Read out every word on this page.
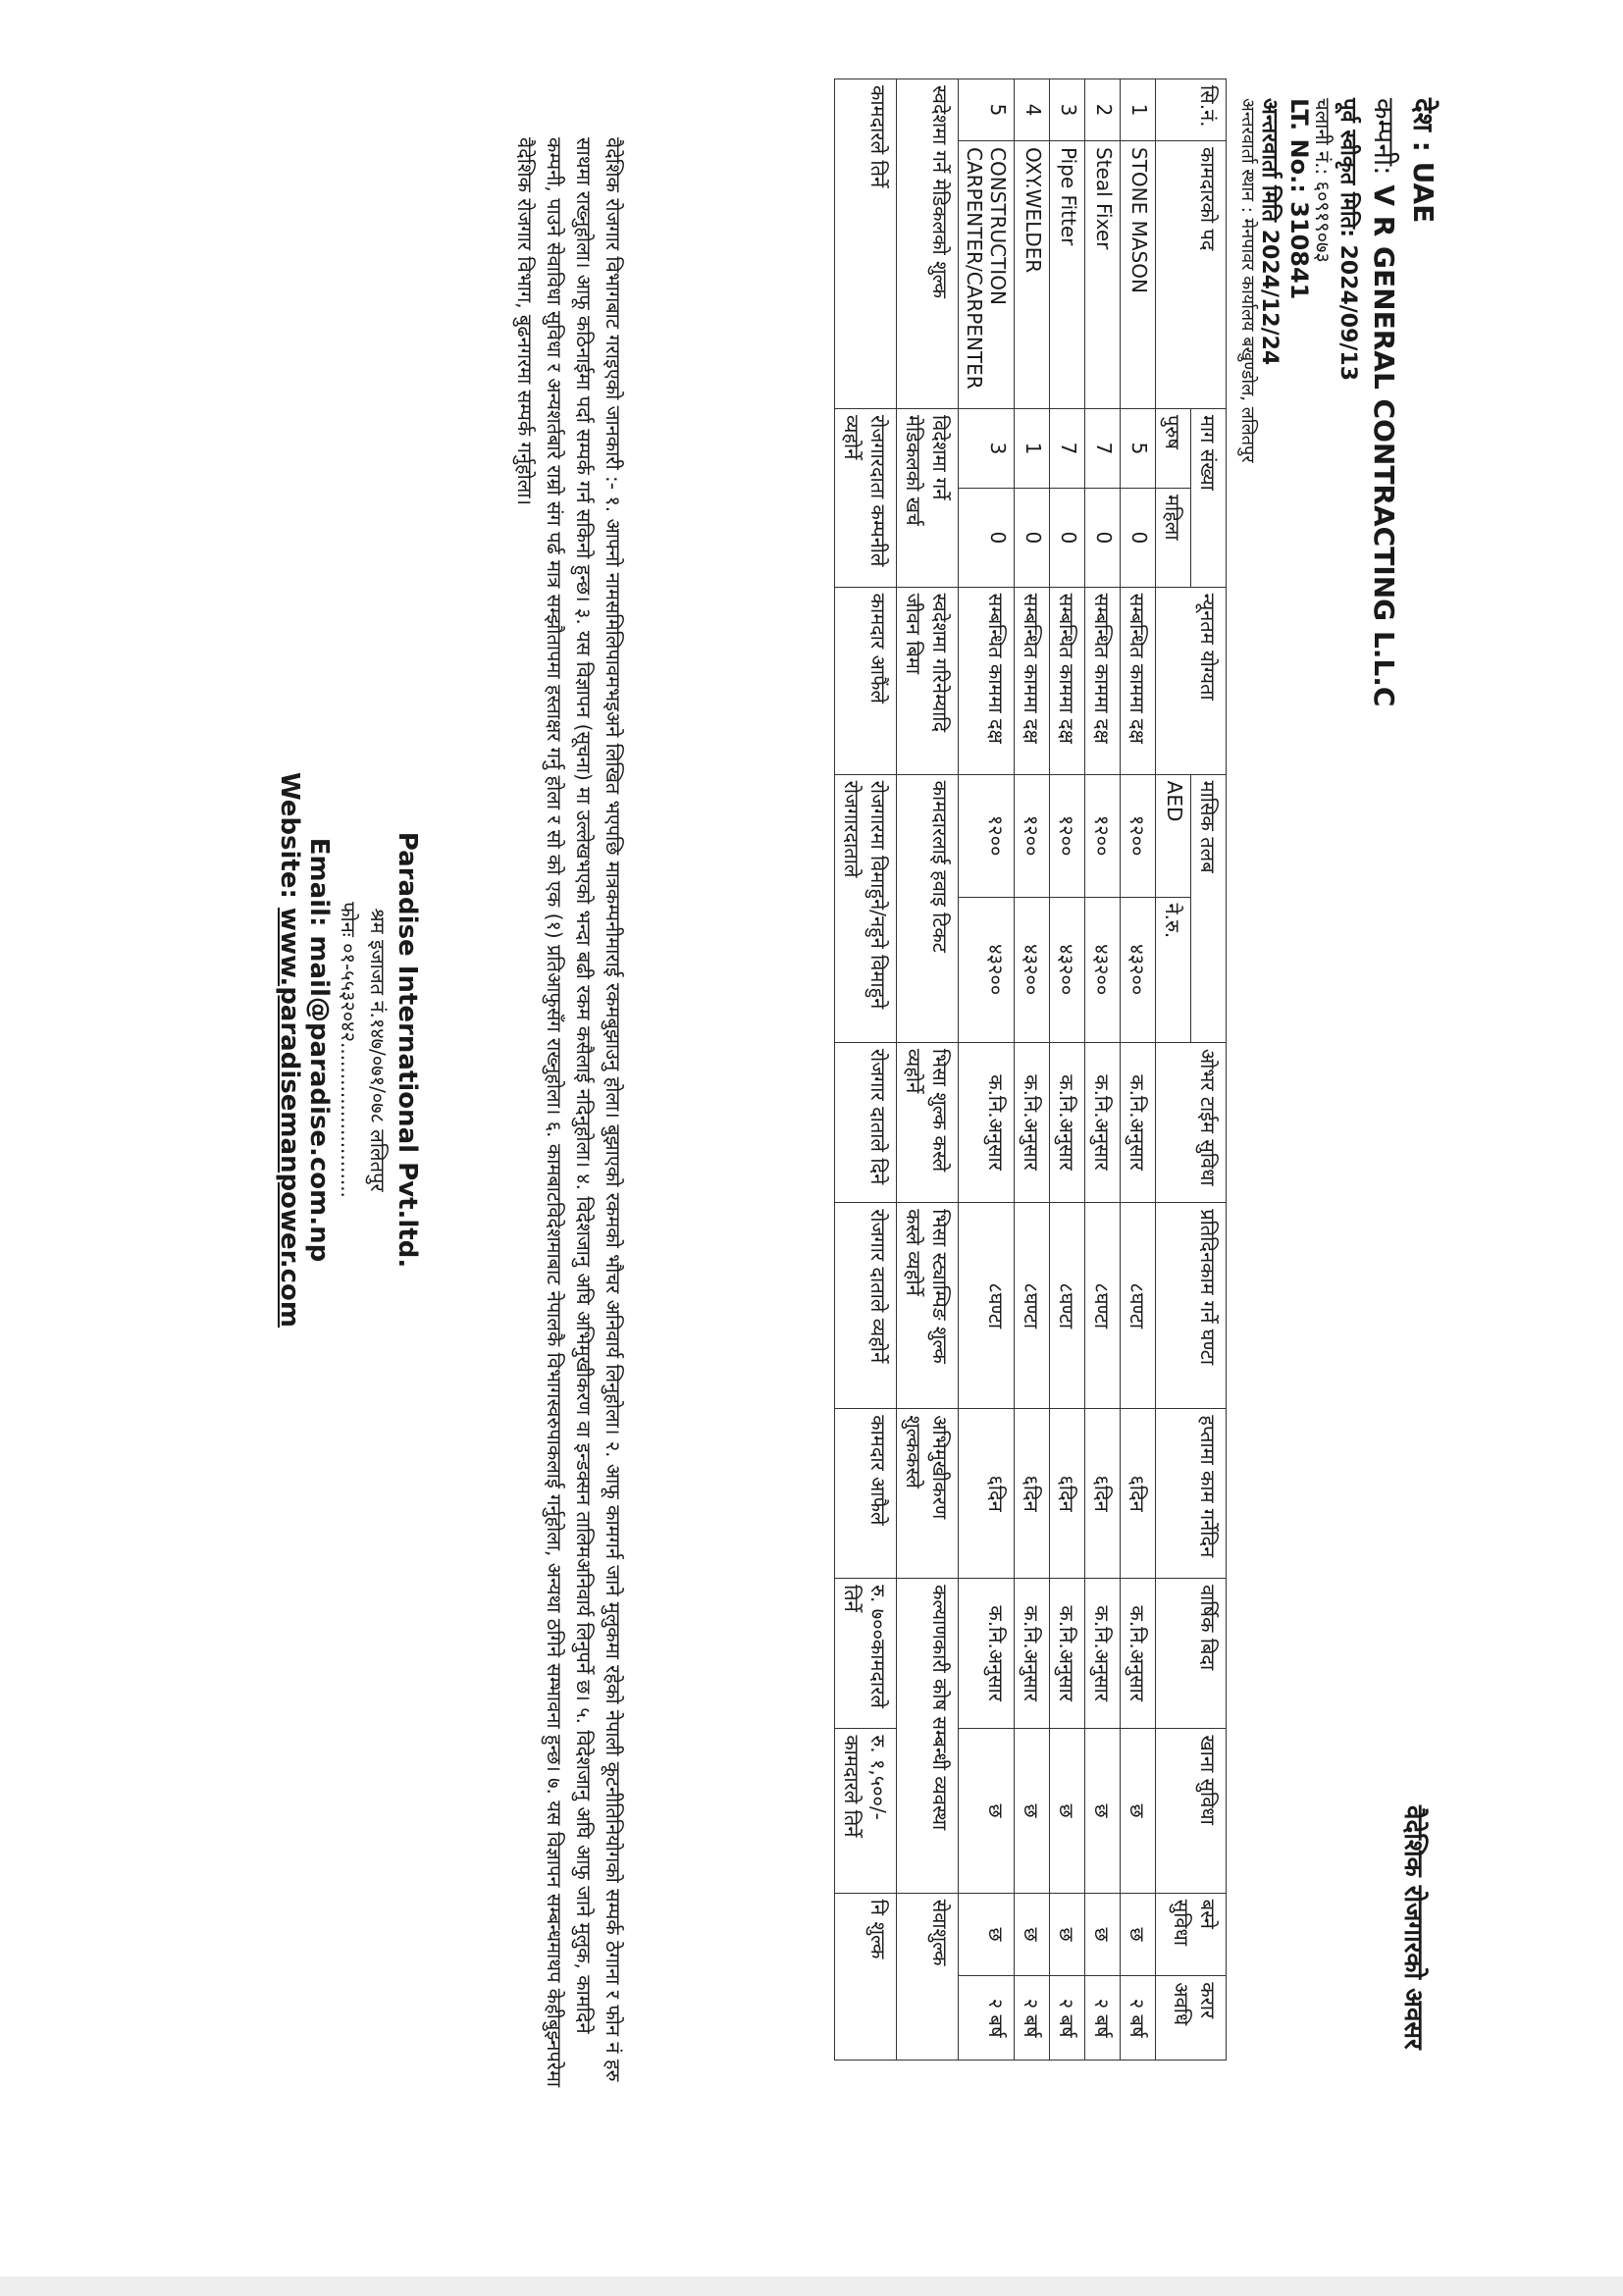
वैदेशिक रोजगारको अवसर
देश : UAE
कम्पनी: V R GENERAL CONTRACTING L.L.C
पूर्व स्वीकृत मिति: 2024/09/13
चलानी नं.: ६०९१९०७३
LT. No.: 310841
अन्तरवार्ता मिति 2024/12/24
अन्तरवार्ता स्थान : मेनपावर कार्यालय बखुण्डोल, ललितपुर
सि.नं.	कामदारको पद	माग संख्या		न्यूनतम योग्यता	मासिक तलब		ओभर टाईम सुविधा	प्रतिदिनकाम गर्ने घण्टा	हप्तामा काम गर्नेदिन	वार्षिक बिदा	खाना सुविधा	बस्ने सुविधा	करार अवधि
		पुरुष	महिला		AED	ने.रु.							
1	STONE MASON	5	0	सम्बन्धित काममा दक्ष	१२००	४३२००	क.नि.अनुसार	८घण्टा	६दिन	क.नि.अनुसार	छ	छ	२ बर्ष
2	Steal Fixer	7	0	सम्बन्धित काममा दक्ष	१२००	४३२००	क.नि.अनुसार	८घण्टा	६दिन	क.नि.अनुसार	छ	छ	२ बर्ष
3	Pipe Fitter	7	0	सम्बन्धित काममा दक्ष	१२००	४३२००	क.नि.अनुसार	८घण्टा	६दिन	क.नि.अनुसार	छ	छ	२ बर्ष
4	OXY.WELDER	1	0	सम्बन्धित काममा दक्ष	१२००	४३२००	क.नि.अनुसार	८घण्टा	६दिन	क.नि.अनुसार	छ	छ	२ बर्ष
5	CONSTRUCTION CARPENTER/CARPENTER	3	0	सम्बन्धित काममा दक्ष	१२००	४३२००	क.नि.अनुसार	८घण्टा	६दिन	क.नि.अनुसार	छ	छ	२ बर्ष
स्वदेशमा गर्ने मेडिकलको शुल्क		विदेशमा गर्ने मेडिकलको खर्च		स्वदेशमा गरिनेम्यादि जीवन बिमा	कामदारलाई हवाइ टिकट		भिसा शुल्क कस्ले व्यहोर्ने	भिसा स्ट्याम्पिङ शुल्क कस्ले व्यहोर्ने	अभिमुखीकरण शुल्ककस्ले	कल्याणकारी कोष सम्बन्धी व्यवस्था		सेवाशुल्क	
कामदारले तिर्ने		रोजगारदाता कम्पनीले व्यहोर्ने		कामदार आफैंले	रोजगारमा विमाहुने/नहुने विमाहुने रोजगारदाताले		रोजगार दाताले दिने	रोजगार दाताले व्यहोर्ने	कामदार आफैले	रु. ७००कामदारले तिर्ने	रु. १,५००/- कामदारले तिर्ने	नि शुल्क	
वैदेशिक रोजगार विभागबाट गराइएको जानकारी :- १. आफ्नो नामसमिलिपावमभइअने लिखित भएपछि मात्रकम्पनीमाराई रकमबुझाउनु होला। बुझाएको रकमको भौचर अनिवार्य लिनुहोला। २. आफू कामगर्न जाने मुलुकमा रहेको नेपाली कूटनीतिनियोगको सम्पर्क ठेगाना र फोन नं हरु साथमा राख्नुहोला। आफू कठिनाईमा पर्दा सम्पर्क गर्न सकिनो हुन्छ। ३. यस विज्ञापन (सूचना) मा उल्लेखभएको भन्दा बढी रकम कसैलाई नदिनुहोला। ४. विदेशजानु अघि अभिमुखीकरण वा इन्डक्सन तालिमअनिवार्य लिनुपर्ने छ। ५. विदेशजानु अघि आफु जाने मुलुक, कामदिने कम्पनी, पाउने सेवाविधा सुविधा र अन्यशर्तबारे राम्रो संग पर्ढ मात्र सम्झौतापमा हस्ताक्षर गर्नु होला र सो को एक (१) प्रतिआफुसँग राख्नुहोला। ६. कामबाटविदेशमाबाट नेपालकै विभागस्वरुपाकलाई गर्नुहोला, अन्यथा ठगिने सम्भावना हुन्छ। ७. यस विज्ञापन सम्बन्धमाथप केहीबुझ्नपरेमा वैदेशिक रोजगार विभाग, बुढनगरमा सम्पर्क गर्नुहोला।
Paradise International Pvt.ltd.
श्रम इजाजत नं.१४७/०७१/०७८ ललितपुर
फोनः ०१-५५३२०४२.........................
Email: mail@paradise.com.np
Website: www.paradisemanpower.com
